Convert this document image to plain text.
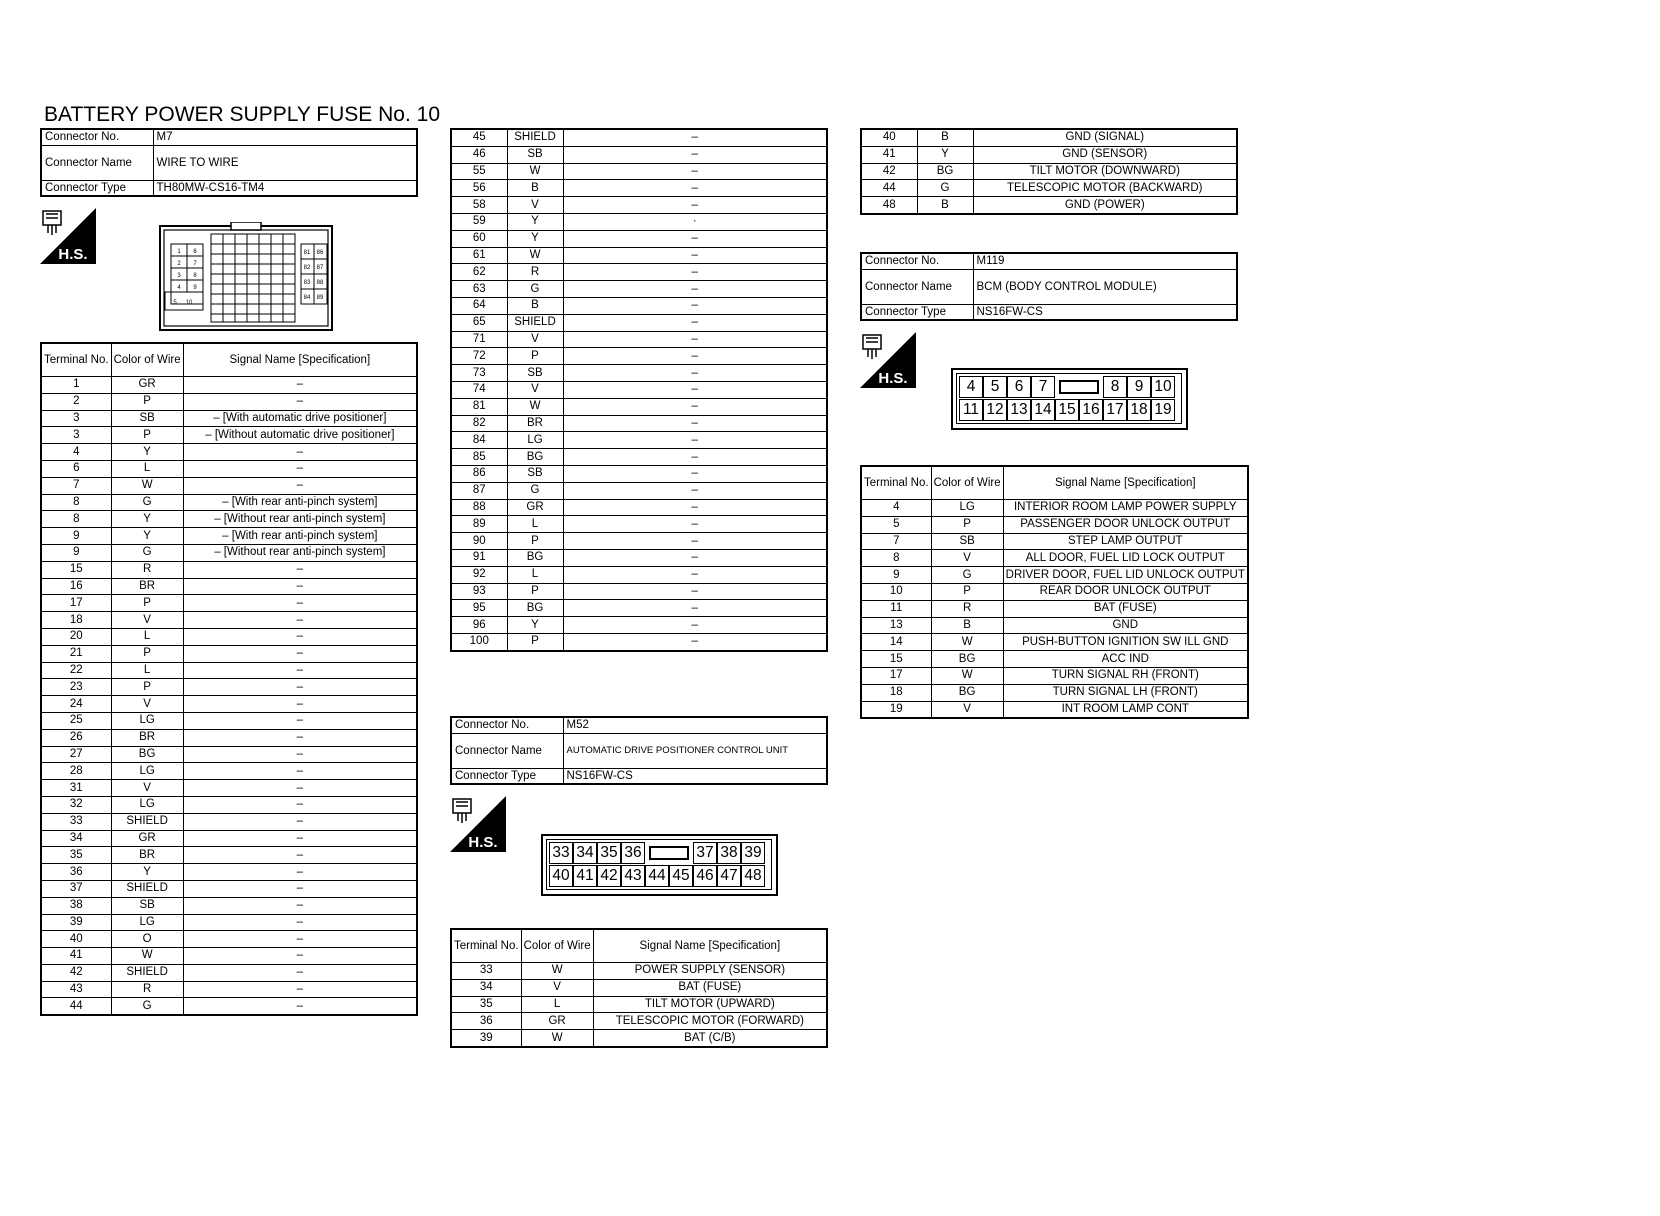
BATTERY POWER SUPPLY FUSE No. 10
Connector No.	M7
Connector Name	WIRE TO WIRE
Connector Type	TH80MW-CS16-TM4
H.S.	1 6
2 7
3 8
4 9
5 10
81 86
82 87
83 88
84 89
Terminal No.	Color of Wire	Signal Name [Specification]
1	GR	–
2	P	–
3	SB	– [With automatic drive positioner]
3	P	– [Without automatic drive positioner]
4	Y	–
6	L	–
7	W	–
8	G	– [With rear anti-pinch system]
8	Y	– [Without rear anti-pinch system]
9	Y	– [With rear anti-pinch system]
9	G	– [Without rear anti-pinch system]
15	R	–
16	BR	–
17	P	–
18	V	–
20	L	–
21	P	–
22	L	–
23	P	–
24	V	–
25	LG	–
26	BR	–
27	BG	–
28	LG	–
31	V	–
32	LG	–
33	SHIELD	–
34	GR	–
35	BR	–
36	Y	–
37	SHIELD	–
38	SB	–
39	LG	–
40	O	–
41	W	–
42	SHIELD	–
43	R	–
44	G	–
45	SHIELD	–
46	SB	–
55	W	–
56	B	–
58	V	–
59	Y	·
60	Y	–
61	W	–
62	R	–
63	G	–
64	B	–
65	SHIELD	–
71	V	–
72	P	–
73	SB	–
74	V	–
81	W	–
82	BR	–
84	LG	–
85	BG	–
86	SB	–
87	G	–
88	GR	–
89	L	–
90	P	–
91	BG	–
92	L	–
93	P	–
95	BG	–
96	Y	–
100	P	–
Connector No.	M52
Connector Name	AUTOMATIC DRIVE POSITIONER CONTROL UNIT
Connector Type	NS16FW-CS
H.S.
33 34 35 36	37 38 39
40 41 42 43 44 45 46 47 48
Terminal No.	Color of Wire	Signal Name [Specification]
33	W	POWER SUPPLY (SENSOR)
34	V	BAT (FUSE)
35	L	TILT MOTOR (UPWARD)
36	GR	TELESCOPIC MOTOR (FORWARD)
39	W	BAT (C/B)
40	B	GND (SIGNAL)
41	Y	GND (SENSOR)
42	BG	TILT MOTOR (DOWNWARD)
44	G	TELESCOPIC MOTOR (BACKWARD)
48	B	GND (POWER)
Connector No.	M119
Connector Name	BCM (BODY CONTROL MODULE)
Connector Type	NS16FW-CS
H.S.	4 5 6 7	8 9 10
11 12 13 14 15 16 17 18 19
Terminal No.	Color of Wire	Signal Name [Specification]
4	LG	INTERIOR ROOM LAMP POWER SUPPLY
5	P	PASSENGER DOOR UNLOCK OUTPUT
7	SB	STEP LAMP OUTPUT
8	V	ALL DOOR, FUEL LID LOCK OUTPUT
9	G	DRIVER DOOR, FUEL LID UNLOCK OUTPUT
10	P	REAR DOOR UNLOCK OUTPUT
11	R	BAT (FUSE)
13	B	GND
14	W	PUSH-BUTTON IGNITION SW ILL GND
15	BG	ACC IND
17	W	TURN SIGNAL RH (FRONT)
18	BG	TURN SIGNAL LH (FRONT)
19	V	INT ROOM LAMP CONT
